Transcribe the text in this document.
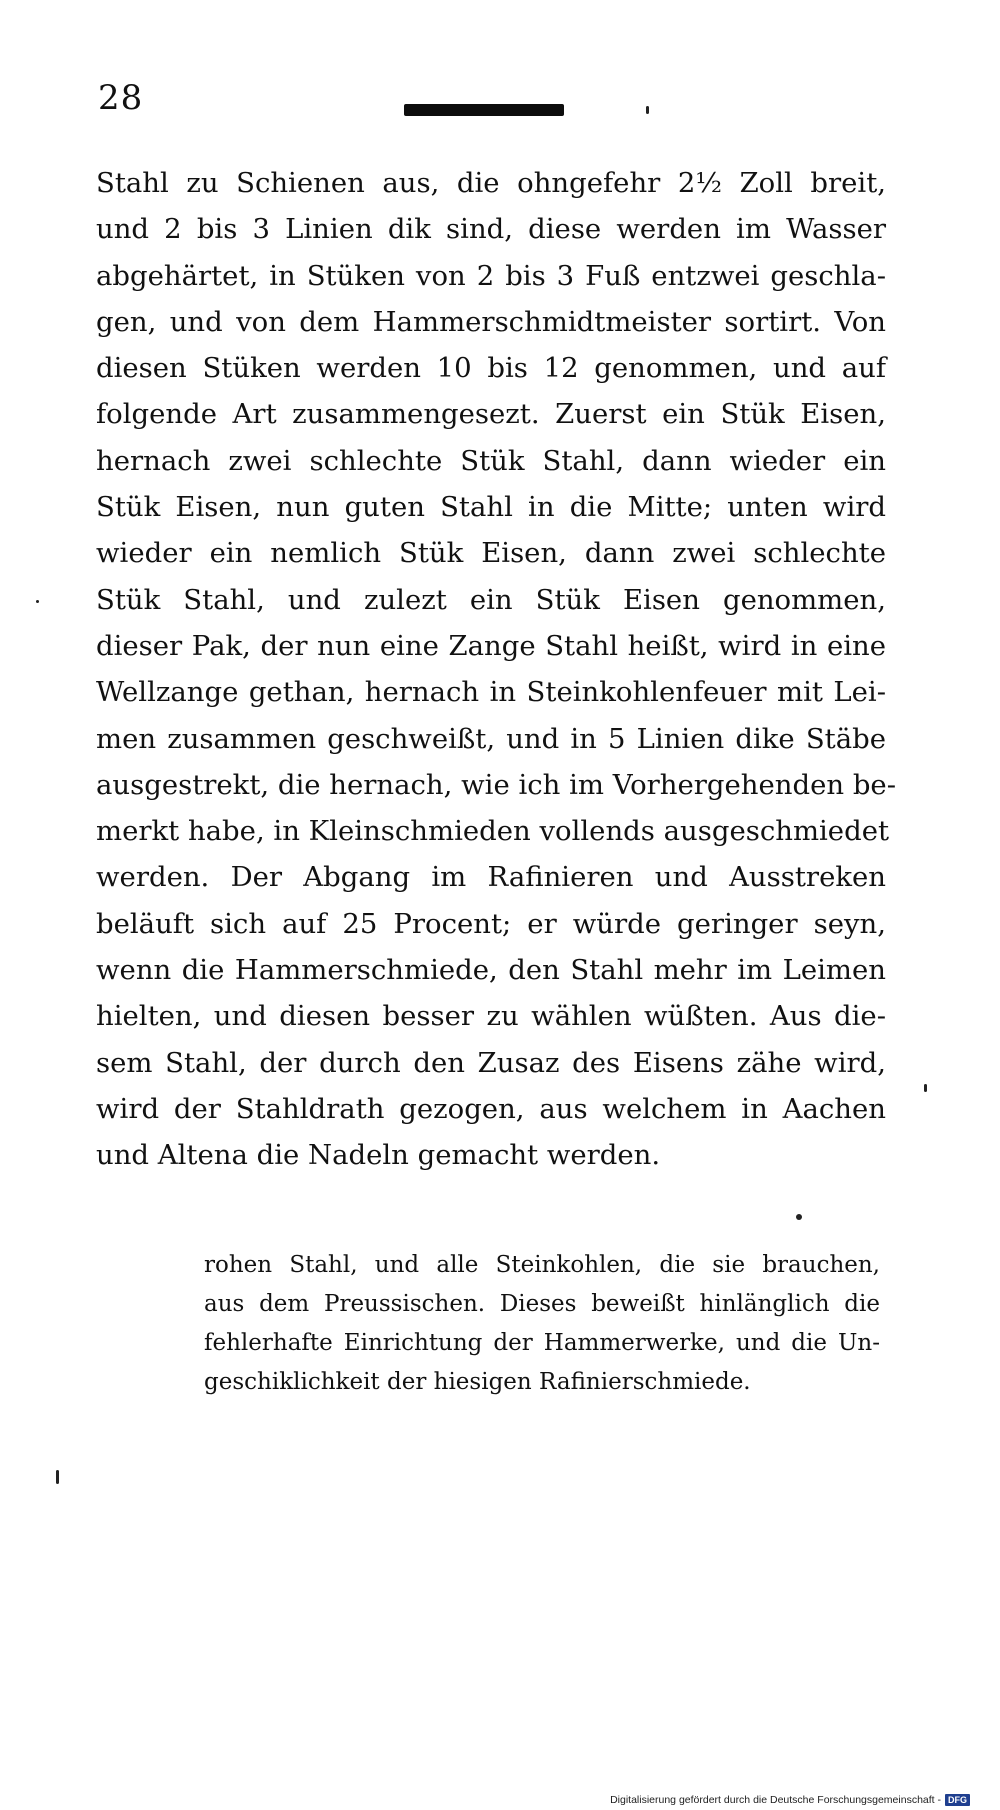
28
Stahl zu Schienen aus, die ohngefehr 2½ Zoll breit,
und 2 bis 3 Linien dik sind, diese werden im Wasser
abgehärtet, in Stüken von 2 bis 3 Fuß entzwei geschla-
gen, und von dem Hammerschmidtmeister sortirt. Von
diesen Stüken werden 10 bis 12 genommen, und auf
folgende Art zusammengesezt. Zuerst ein Stük Eisen,
hernach zwei schlechte Stük Stahl, dann wieder ein
Stük Eisen, nun guten Stahl in die Mitte; unten wird
wieder ein nemlich Stük Eisen, dann zwei schlechte
Stük Stahl, und zulezt ein Stük Eisen genommen,
dieser Pak, der nun eine Zange Stahl heißt, wird in eine
Wellzange gethan, hernach in Steinkohlenfeuer mit Lei-
men zusammen geschweißt, und in 5 Linien dike Stäbe
ausgestrekt, die hernach, wie ich im Vorhergehenden be-
merkt habe, in Kleinschmieden vollends ausgeschmiedet
werden. Der Abgang im Rafinieren und Ausstreken
beläuft sich auf 25 Procent; er würde geringer seyn,
wenn die Hammerschmiede, den Stahl mehr im Leimen
hielten, und diesen besser zu wählen wüßten. Aus die-
sem Stahl, der durch den Zusaz des Eisens zähe wird,
wird der Stahldrath gezogen, aus welchem in Aachen
und Altena die Nadeln gemacht werden.
rohen Stahl, und alle Steinkohlen, die sie brauchen,
aus dem Preussischen. Dieses beweißt hinlänglich die
fehlerhafte Einrichtung der Hammerwerke, und die Un-
geschiklichkeit der hiesigen Rafinierschmiede.
Digitalisierung gefördert durch die Deutsche Forschungsgemeinschaft - DFG
